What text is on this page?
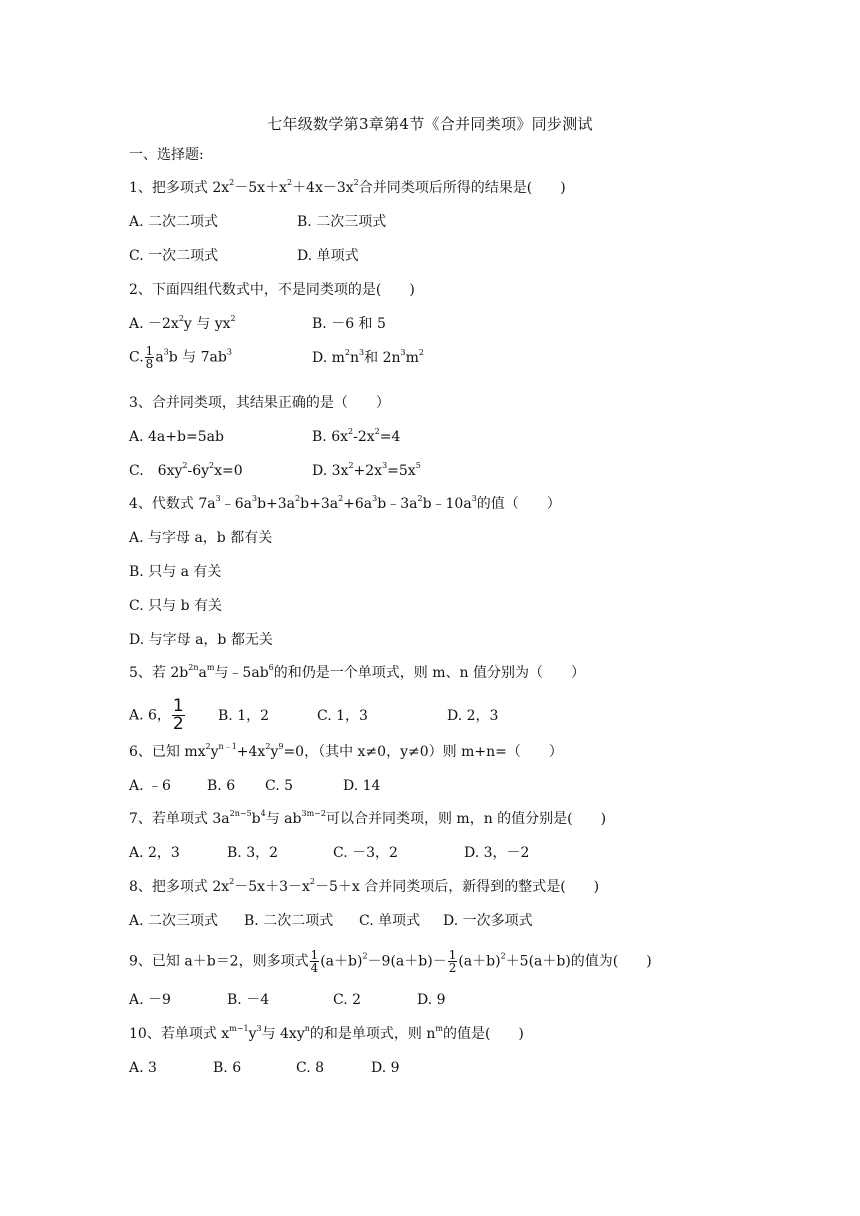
七年级数学第3章第4节《合并同类项》同步测试
一、选择题:
1、把多项式 $2x^2-5x+x^2+4x-3x^2$合并同类项后所得的结果是(　　)
A. 二次二项式	B. 二次三项式
C. 一次二项式	D. 单项式
2、下面四组代数式中，不是同类项的是(　　)
A. $-2x^2y$ 与 $yx^2$	B. －6 和 5
C. $\frac{1}{8} a^3b$ 与 $7ab^3$	D. $m^2n^3$和 $2n^3m^2$
3、合并同类项，其结果正确的是（　　）
A. 4a+b=5ab	B. $6x^2-2x^2=4$
C.　$6xy^2-6y^2x=0$	D. $3x^2+2x^3=5x^5$
4、代数式 $7a^3﹣6a^3b+3a^2b+3a^2+6a^3b﹣3a^2b﹣10a^3$的值（　　）
A. 与字母 a，b 都有关
B. 只与 a 有关
C. 只与 b 有关
D. 与字母 a，b 都无关
5、若 $2b^{2n}a^m$与$﹣5ab^6$的和仍是一个单项式，则 m、n 值分别为（　　）
A. 6， $\frac{1}{2} B$. 1，2	C. 1，3	D. 2，3
6、已知 $mx^2y^{n﹣1}+4x^2y^9=0$，（其中 x≠0，y≠0）则 m+n=（　　）
A. ﹣6	B. 6 C. 5	D. 14
7、若单项式 $3a^{2n-5}b^4$与 $ab^{3m-2}$可以合并同类项，则 m，n 的值分别是(　　)
A. 2，3	B. 3，2	C. －3，2	D. 3，－2
8、把多项式 $2x^2-5x+3-x^2-5+x$ 合并同类项后，新得到的整式是(　　)
A. 二次三项式 B. 二次二项式 C. 单项式 D. 一次多项式
9、已知 a＋b＝2，则多项式 $\frac{1}{4} (a+b)^2-9(a+b)- \frac{1}{2} (a+b)^2+5(a+b)$的值为(　　)
A. －9	B. －4	C. 2	D. 9
10、若单项式 $x^{m-1}y^3$与 $4xy^n$的和是单项式，则 $n^m$的值是(　　)
A. 3	B. 6	C. 8	D. 9
